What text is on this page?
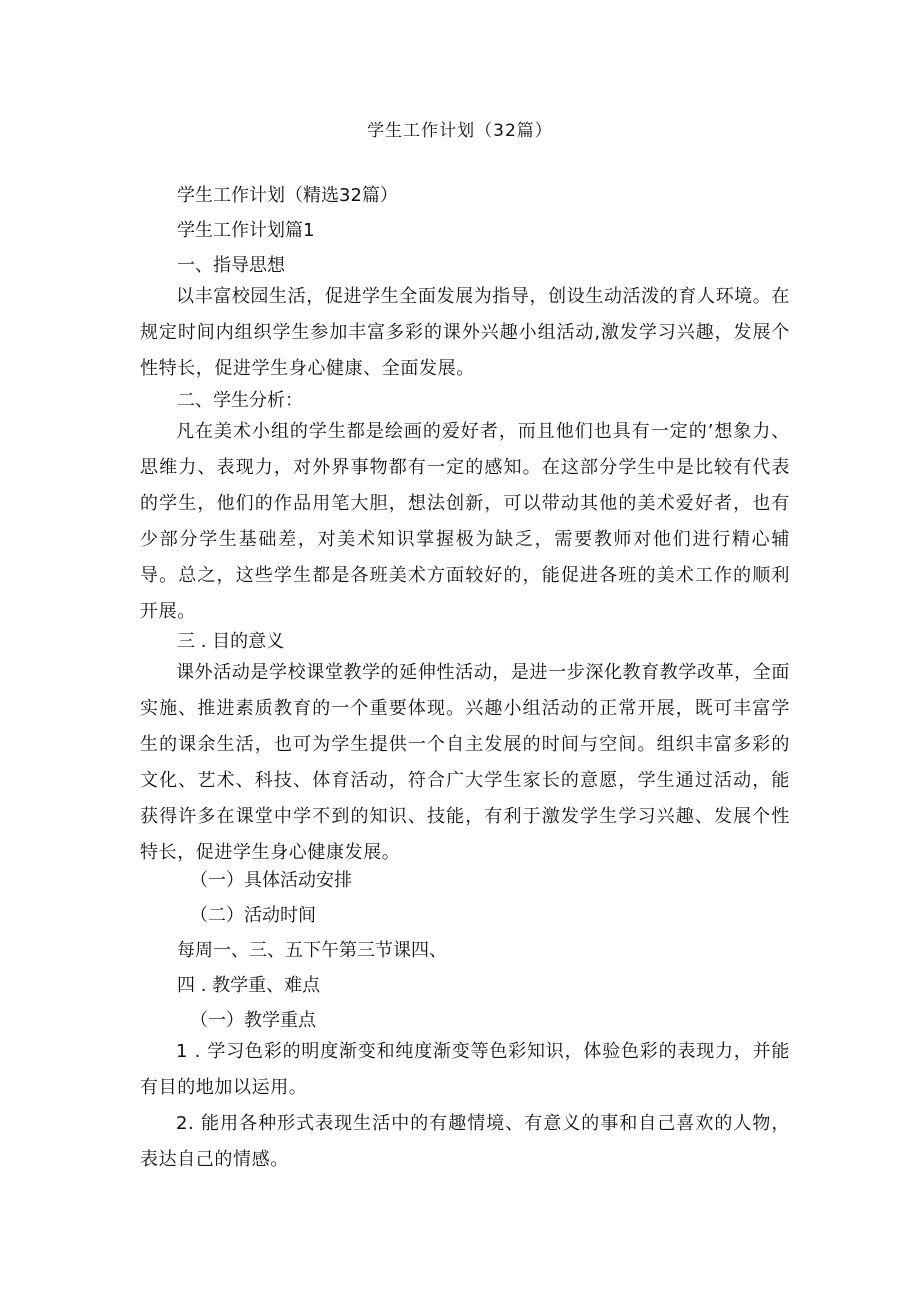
学生工作计划（32篇）
学生工作计划（精选32篇）
学生工作计划篇1
一、指导思想
以丰富校园生活，促进学生全面发展为指导，创设生动活泼的育人环境。在规定时间内组织学生参加丰富多彩的课外兴趣小组活动,激发学习兴趣，发展个性特长，促进学生身心健康、全面发展。
二、学生分析：
凡在美术小组的学生都是绘画的爱好者，而且他们也具有一定的’想象力、思维力、表现力，对外界事物都有一定的感知。在这部分学生中是比较有代表的学生，他们的作品用笔大胆，想法创新，可以带动其他的美术爱好者，也有少部分学生基础差，对美术知识掌握极为缺乏，需要教师对他们进行精心辅导。总之，这些学生都是各班美术方面较好的，能促进各班的美术工作的顺利开展。
三 . 目的意义
课外活动是学校课堂教学的延伸性活动，是进一步深化教育教学改革，全面实施、推进素质教育的一个重要体现。兴趣小组活动的正常开展，既可丰富学生的课余生活，也可为学生提供一个自主发展的时间与空间。组织丰富多彩的文化、艺术、科技、体育活动，符合广大学生家长的意愿，学生通过活动，能获得许多在课堂中学不到的知识、技能，有利于激发学生学习兴趣、发展个性特长，促进学生身心健康发展。
（一）具体活动安排
（二）活动时间
每周一、三、五下午第三节课四、
四 . 教学重、难点
（一）教学重点
1 . 学习色彩的明度渐变和纯度渐变等色彩知识，体验色彩的表现力，并能有目的地加以运用。
2. 能用各种形式表现生活中的有趣情境、有意义的事和自己喜欢的人物，表达自己的情感。
